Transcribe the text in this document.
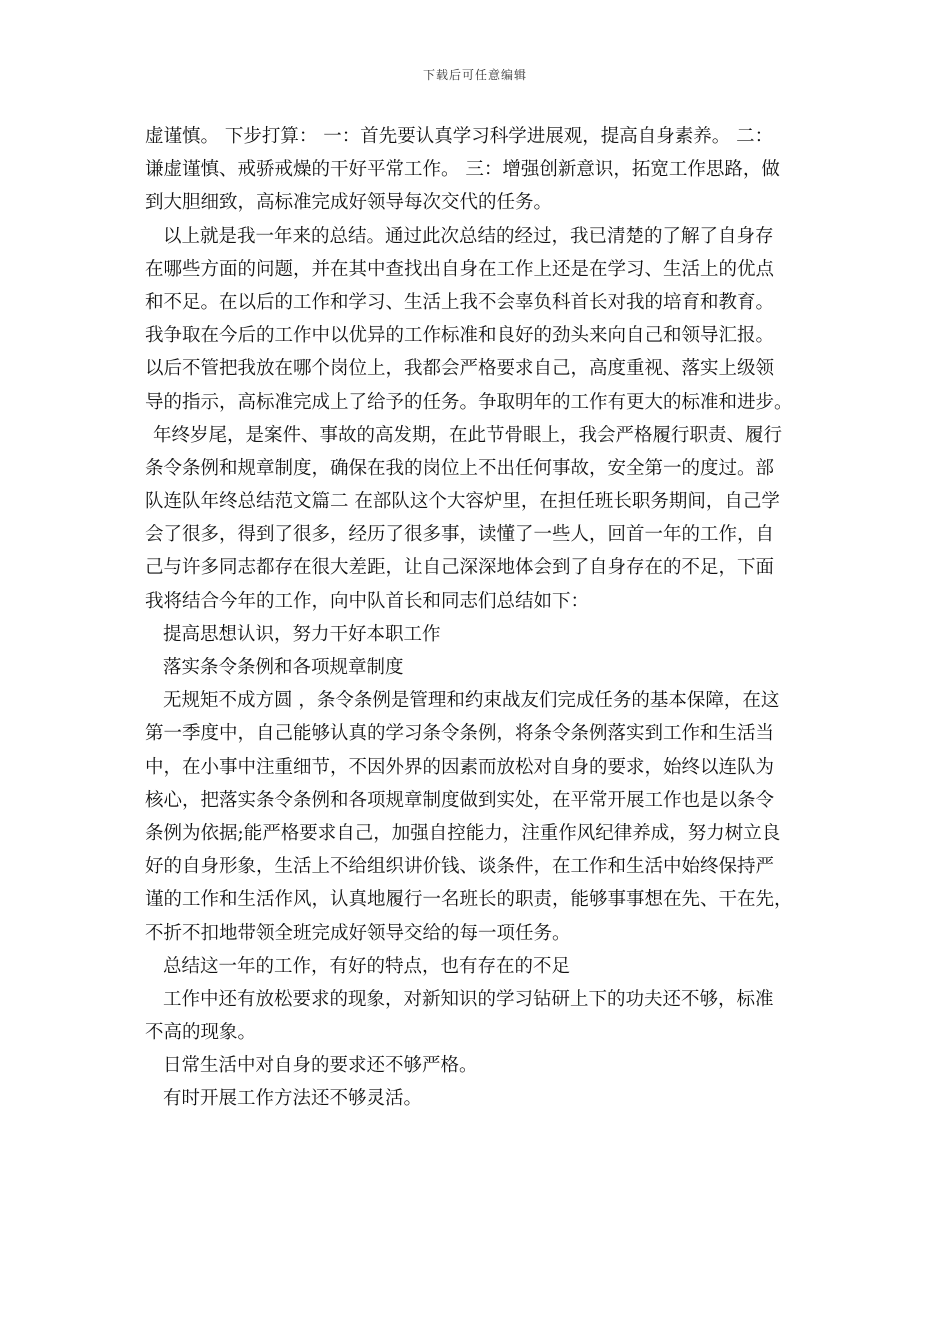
下载后可任意编辑
虚谨慎。 下步打算： 一：首先要认真学习科学进展观，提高自身素养。 二：
谦虚谨慎、戒骄戒燥的干好平常工作。 三：增强创新意识，拓宽工作思路，做
到大胆细致，高标准完成好领导每次交代的任务。
以上就是我一年来的总结。通过此次总结的经过，我已清楚的了解了自身存
在哪些方面的问题，并在其中查找出自身在工作上还是在学习、生活上的优点
和不足。在以后的工作和学习、生活上我不会辜负科首长对我的培育和教育。
我争取在今后的工作中以优异的工作标准和良好的劲头来向自己和领导汇报。
以后不管把我放在哪个岗位上，我都会严格要求自己，高度重视、落实上级领
导的指示，高标准完成上了给予的任务。争取明年的工作有更大的标准和进步。
年终岁尾，是案件、事故的高发期，在此节骨眼上，我会严格履行职责、履行
条令条例和规章制度，确保在我的岗位上不出任何事故，安全第一的度过。部
队连队年终总结范文篇二 在部队这个大容炉里，在担任班长职务期间，自己学
会了很多，得到了很多，经历了很多事，读懂了一些人，回首一年的工作，自
己与许多同志都存在很大差距，让自己深深地体会到了自身存在的不足，下面
我将结合今年的工作，向中队首长和同志们总结如下：
提高思想认识，努力干好本职工作
落实条令条例和各项规章制度
无规矩不成方圆 ，条令条例是管理和约束战友们完成任务的基本保障，在这
第一季度中，自己能够认真的学习条令条例，将条令条例落实到工作和生活当
中，在小事中注重细节，不因外界的因素而放松对自身的要求，始终以连队为
核心，把落实条令条例和各项规章制度做到实处，在平常开展工作也是以条令
条例为依据;能严格要求自己，加强自控能力，注重作风纪律养成，努力树立良
好的自身形象，生活上不给组织讲价钱、谈条件，在工作和生活中始终保持严
谨的工作和生活作风，认真地履行一名班长的职责，能够事事想在先、干在先，
不折不扣地带领全班完成好领导交给的每一项任务。
总结这一年的工作，有好的特点，也有存在的不足
工作中还有放松要求的现象，对新知识的学习钻研上下的功夫还不够，标准
不高的现象。
日常生活中对自身的要求还不够严格。
有时开展工作方法还不够灵活。
